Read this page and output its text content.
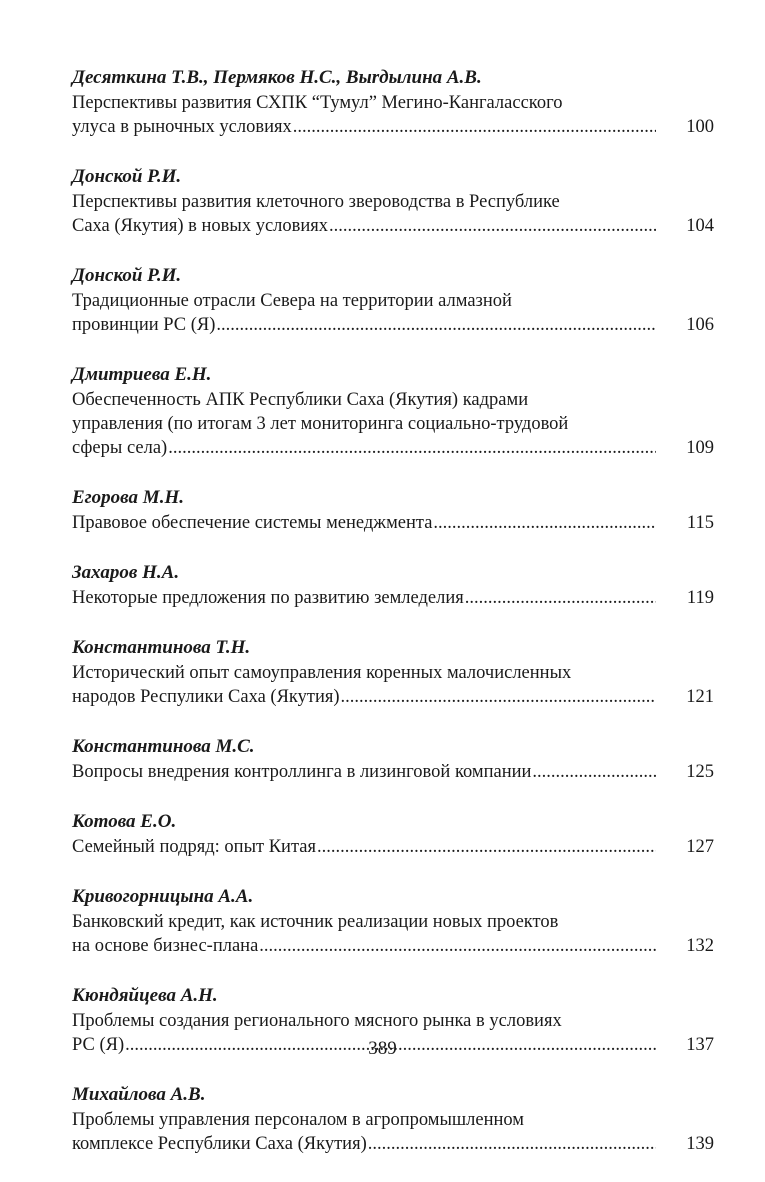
Десяткина Т.В., Пермяков Н.С., Выrдылина А.В.
Перспективы развития СХПК “Тумул” Мегино-Кангаласского
улуса в рыночных условиях .....	100
Донской Р.И.
Перспективы развития клеточного звероводства в Республике
Саха (Якутия) в новых условиях .....	104
Донской Р.И.
Традиционные отрасли Севера на территории алмазной
провинции РС (Я) .....	106
Дмитриева Е.Н.
Обеспеченность АПК Республики Саха (Якутия) кадрами
управления (по итогам 3 лет мониторинга социально-трудовой
сферы села) .....	109
Егорова М.Н.
Правовое обеспечение системы менеджмента .....	115
Захаров Н.А.
Некоторые предложения по развитию земледелия .....	119
Константинова Т.Н.
Исторический опыт самоуправления коренных малочисленных
народов Респулики Саха (Якутия) .....	121
Константинова М.С.
Вопросы внедрения контроллинга в лизинговой компании .....	125
Котова Е.О.
Семейный подряд: опыт Китая .....	127
Кривогорницына А.А.
Банковский кредит, как источник реализации новых проектов
на основе бизнес-плана .....	132
Кюндяйцева А.Н.
Проблемы создания регионального мясного рынка в условиях
РС (Я) .....	137
Михайлова А.В.
Проблемы управления персоналом в агропромышленном
комплексе Республики Саха (Якутия) .....	139
389
